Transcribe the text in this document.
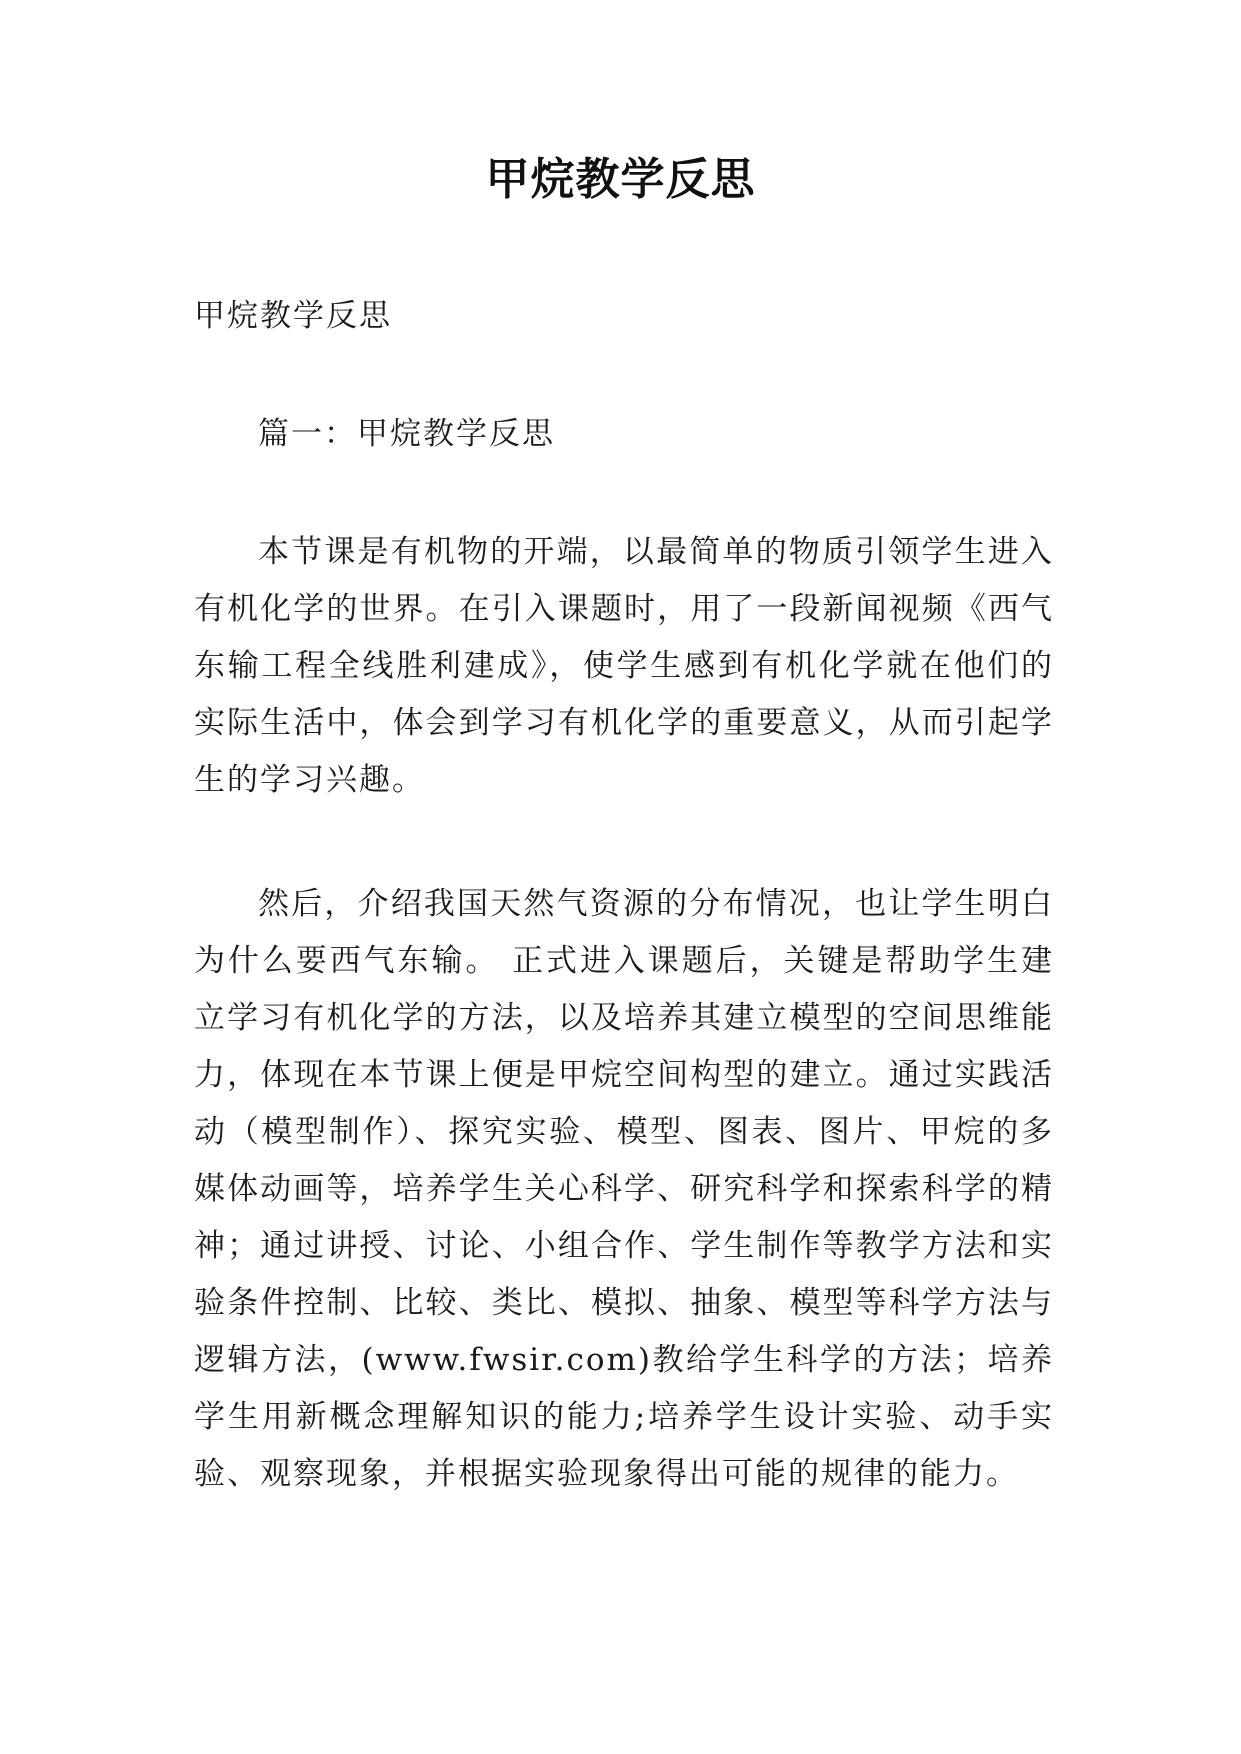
甲烷教学反思
甲烷教学反思
篇一：甲烷教学反思
本节课是有机物的开端，以最简单的物质引领学生进入有机化学的世界。在引入课题时，用了一段新闻视频《西气东输工程全线胜利建成》，使学生感到有机化学就在他们的实际生活中，体会到学习有机化学的重要意义，从而引起学生的学习兴趣。
然后，介绍我国天然气资源的分布情况，也让学生明白为什么要西气东输。 正式进入课题后，关键是帮助学生建立学习有机化学的方法，以及培养其建立模型的空间思维能力，体现在本节课上便是甲烷空间构型的建立。通过实践活动（模型制作）、探究实验、模型、图表、图片、甲烷的多媒体动画等，培养学生关心科学、研究科学和探索科学的精神；通过讲授、讨论、小组合作、学生制作等教学方法和实验条件控制、比较、类比、模拟、抽象、模型等科学方法与逻辑方法，(www.fwsir.com)教给学生科学的方法；培养学生用新概念理解知识的能力;培养学生设计实验、动手实验、观察现象，并根据实验现象得出可能的规律的能力。
